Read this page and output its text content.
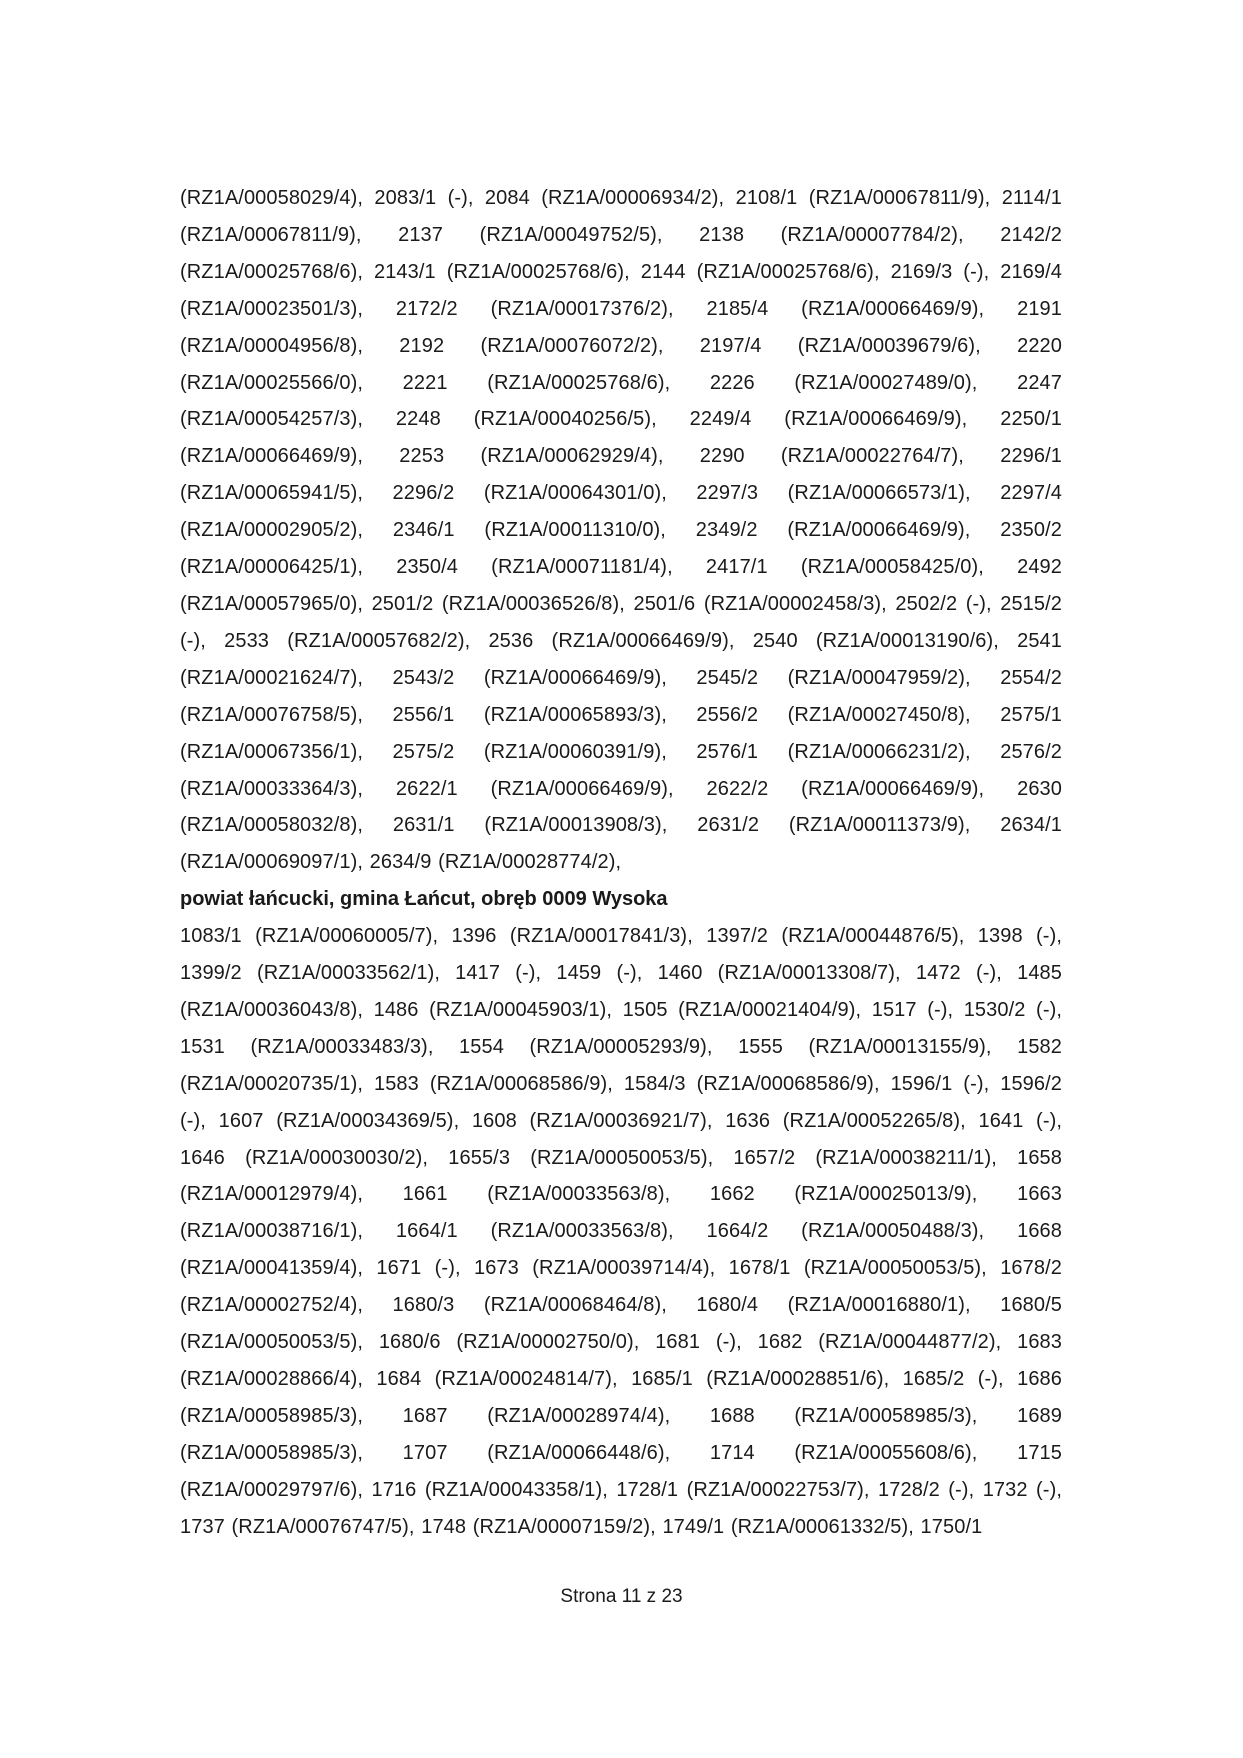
(RZ1A/00058029/4), 2083/1 (-), 2084 (RZ1A/00006934/2), 2108/1 (RZ1A/00067811/9), 2114/1 (RZ1A/00067811/9), 2137 (RZ1A/00049752/5), 2138 (RZ1A/00007784/2), 2142/2 (RZ1A/00025768/6), 2143/1 (RZ1A/00025768/6), 2144 (RZ1A/00025768/6), 2169/3 (-), 2169/4 (RZ1A/00023501/3), 2172/2 (RZ1A/00017376/2), 2185/4 (RZ1A/00066469/9), 2191 (RZ1A/00004956/8), 2192 (RZ1A/00076072/2), 2197/4 (RZ1A/00039679/6), 2220 (RZ1A/00025566/0), 2221 (RZ1A/00025768/6), 2226 (RZ1A/00027489/0), 2247 (RZ1A/00054257/3), 2248 (RZ1A/00040256/5), 2249/4 (RZ1A/00066469/9), 2250/1 (RZ1A/00066469/9), 2253 (RZ1A/00062929/4), 2290 (RZ1A/00022764/7), 2296/1 (RZ1A/00065941/5), 2296/2 (RZ1A/00064301/0), 2297/3 (RZ1A/00066573/1), 2297/4 (RZ1A/00002905/2), 2346/1 (RZ1A/00011310/0), 2349/2 (RZ1A/00066469/9), 2350/2 (RZ1A/00006425/1), 2350/4 (RZ1A/00071181/4), 2417/1 (RZ1A/00058425/0), 2492 (RZ1A/00057965/0), 2501/2 (RZ1A/00036526/8), 2501/6 (RZ1A/00002458/3), 2502/2 (-), 2515/2 (-), 2533 (RZ1A/00057682/2), 2536 (RZ1A/00066469/9), 2540 (RZ1A/00013190/6), 2541 (RZ1A/00021624/7), 2543/2 (RZ1A/00066469/9), 2545/2 (RZ1A/00047959/2), 2554/2 (RZ1A/00076758/5), 2556/1 (RZ1A/00065893/3), 2556/2 (RZ1A/00027450/8), 2575/1 (RZ1A/00067356/1), 2575/2 (RZ1A/00060391/9), 2576/1 (RZ1A/00066231/2), 2576/2 (RZ1A/00033364/3), 2622/1 (RZ1A/00066469/9), 2622/2 (RZ1A/00066469/9), 2630 (RZ1A/00058032/8), 2631/1 (RZ1A/00013908/3), 2631/2 (RZ1A/00011373/9), 2634/1 (RZ1A/00069097/1), 2634/9 (RZ1A/00028774/2),

powiat łańcucki, gmina Łańcut, obręb 0009 Wysoka

1083/1 (RZ1A/00060005/7), 1396 (RZ1A/00017841/3), 1397/2 (RZ1A/00044876/5), 1398 (-), 1399/2 (RZ1A/00033562/1), 1417 (-), 1459 (-), 1460 (RZ1A/00013308/7), 1472 (-), 1485 (RZ1A/00036043/8), 1486 (RZ1A/00045903/1), 1505 (RZ1A/00021404/9), 1517 (-), 1530/2 (-), 1531 (RZ1A/00033483/3), 1554 (RZ1A/00005293/9), 1555 (RZ1A/00013155/9), 1582 (RZ1A/00020735/1), 1583 (RZ1A/00068586/9), 1584/3 (RZ1A/00068586/9), 1596/1 (-), 1596/2 (-), 1607 (RZ1A/00034369/5), 1608 (RZ1A/00036921/7), 1636 (RZ1A/00052265/8), 1641 (-), 1646 (RZ1A/00030030/2), 1655/3 (RZ1A/00050053/5), 1657/2 (RZ1A/00038211/1), 1658 (RZ1A/00012979/4), 1661 (RZ1A/00033563/8), 1662 (RZ1A/00025013/9), 1663 (RZ1A/00038716/1), 1664/1 (RZ1A/00033563/8), 1664/2 (RZ1A/00050488/3), 1668 (RZ1A/00041359/4), 1671 (-), 1673 (RZ1A/00039714/4), 1678/1 (RZ1A/00050053/5), 1678/2 (RZ1A/00002752/4), 1680/3 (RZ1A/00068464/8), 1680/4 (RZ1A/00016880/1), 1680/5 (RZ1A/00050053/5), 1680/6 (RZ1A/00002750/0), 1681 (-), 1682 (RZ1A/00044877/2), 1683 (RZ1A/00028866/4), 1684 (RZ1A/00024814/7), 1685/1 (RZ1A/00028851/6), 1685/2 (-), 1686 (RZ1A/00058985/3), 1687 (RZ1A/00028974/4), 1688 (RZ1A/00058985/3), 1689 (RZ1A/00058985/3), 1707 (RZ1A/00066448/6), 1714 (RZ1A/00055608/6), 1715 (RZ1A/00029797/6), 1716 (RZ1A/00043358/1), 1728/1 (RZ1A/00022753/7), 1728/2 (-), 1732 (-), 1737 (RZ1A/00076747/5), 1748 (RZ1A/00007159/2), 1749/1 (RZ1A/00061332/5), 1750/1

Strona 11 z 23
